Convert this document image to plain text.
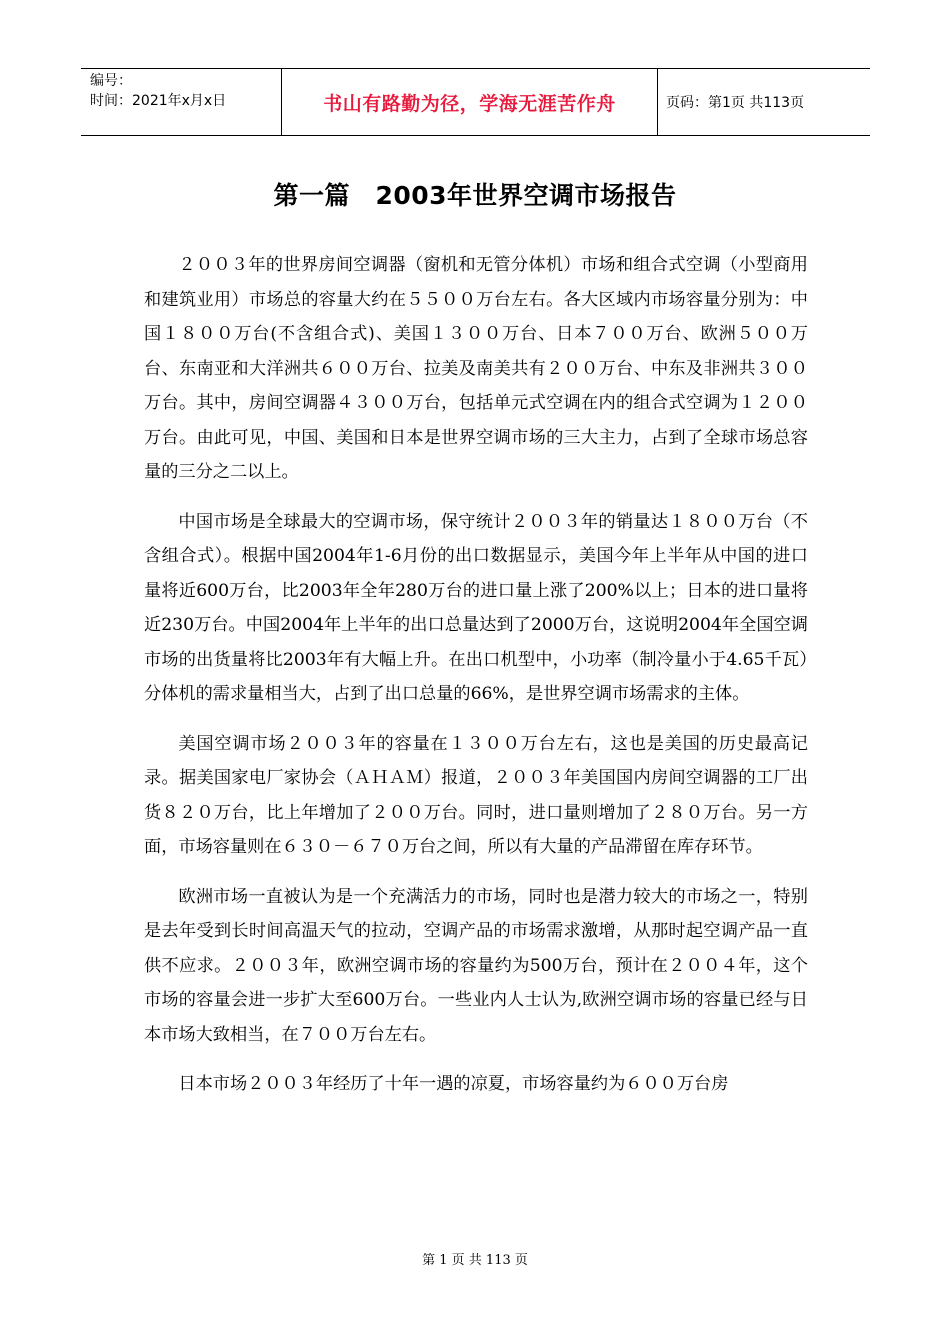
编号：
时间：2021年x月x日	书山有路勤为径，学海无涯苦作舟	页码：第1页 共113页
第一篇　2003年世界空调市场报告

２００３年的世界房间空调器（窗机和无管分体机）市场和组合式空调（小型商用和建筑业用）市场总的容量大约在５５００万台左右。各大区域内市场容量分别为：中国１８００万台(不含组合式)、美国１３００万台、日本７００万台、欧洲５００万台、东南亚和大洋洲共６００万台、拉美及南美共有２００万台、中东及非洲共３００万台。其中，房间空调器４３００万台，包括单元式空调在内的组合式空调为１２００万台。由此可见，中国、美国和日本是世界空调市场的三大主力，占到了全球市场总容量的三分之二以上。

中国市场是全球最大的空调市场，保守统计２００３年的销量达１８００万台（不含组合式）。根据中国2004年1-6月份的出口数据显示，美国今年上半年从中国的进口量将近600万台，比2003年全年280万台的进口量上涨了200%以上；日本的进口量将近230万台。中国2004年上半年的出口总量达到了2000万台，这说明2004年全国空调市场的出货量将比2003年有大幅上升。在出口机型中，小功率（制冷量小于4.65千瓦）分体机的需求量相当大，占到了出口总量的66%，是世界空调市场需求的主体。

美国空调市场２００３年的容量在１３００万台左右，这也是美国的历史最高记录。据美国家电厂家协会（ＡＨＡＭ）报道，２００３年美国国内房间空调器的工厂出货８２０万台，比上年增加了２００万台。同时，进口量则增加了２８０万台。另一方面，市场容量则在６３０－６７０万台之间，所以有大量的产品滞留在库存环节。

欧洲市场一直被认为是一个充满活力的市场，同时也是潜力较大的市场之一，特别是去年受到长时间高温天气的拉动，空调产品的市场需求激增，从那时起空调产品一直供不应求。２００３年，欧洲空调市场的容量约为500万台，预计在２００４年，这个市场的容量会进一步扩大至600万台。一些业内人士认为,欧洲空调市场的容量已经与日本市场大致相当，在７００万台左右。

日本市场２００３年经历了十年一遇的凉夏，市场容量约为６００万台房

第 1 页 共 113 页
